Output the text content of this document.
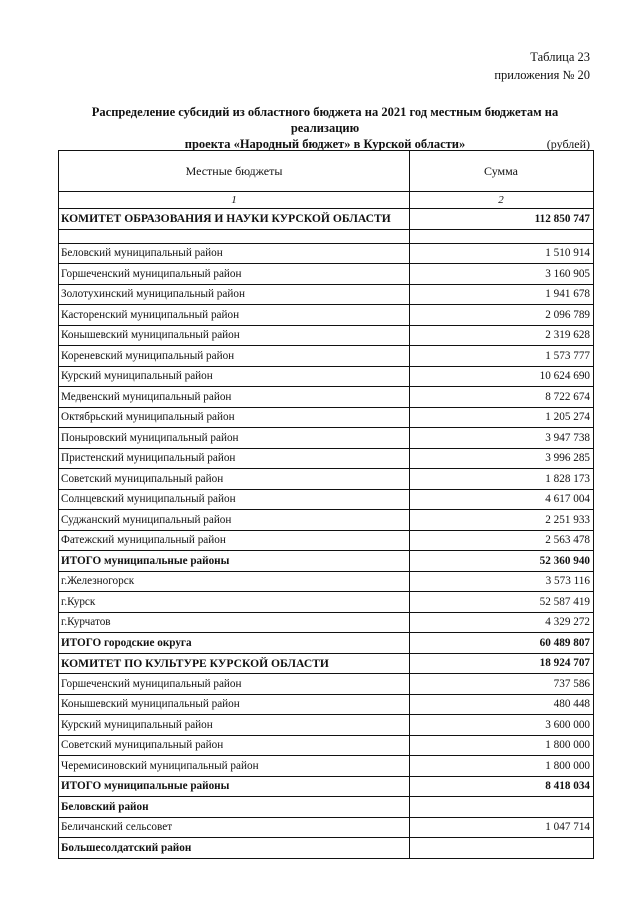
Таблица 23
приложения № 20
Распределение субсидий из областного бюджета на 2021 год местным бюджетам на реализацию
проекта «Народный бюджет» в Курской области»	(рублей)
Местные бюджеты	Сумма
1	2
КОМИТЕТ ОБРАЗОВАНИЯ И НАУКИ КУРСКОЙ ОБЛАСТИ	112 850 747

Беловский муниципальный район	1 510 914
Горшеченский муниципальный район	3 160 905
Золотухинский муниципальный район	1 941 678
Касторенский муниципальный район	2 096 789
Конышевский муниципальный район	2 319 628
Кореневский муниципальный район	1 573 777
Курский муниципальный район	10 624 690
Медвенский муниципальный район	8 722 674
Октябрьский муниципальный район	1 205 274
Поныровский муниципальный район	3 947 738
Пристенский муниципальный район	3 996 285
Советский муниципальный район	1 828 173
Солнцевский муниципальный район	4 617 004
Суджанский муниципальный район	2 251 933
Фатежский муниципальный район	2 563 478
ИТОГО муниципальные районы	52 360 940
г.Железногорск	3 573 116
г.Курск	52 587 419
г.Курчатов	4 329 272
ИТОГО городские округа	60 489 807
КОМИТЕТ ПО КУЛЬТУРЕ КУРСКОЙ ОБЛАСТИ	18 924 707
Горшеченский муниципальный район	737 586
Конышевский муниципальный район	480 448
Курский муниципальный район	3 600 000
Советский муниципальный район	1 800 000
Черемисиновский муниципальный район	1 800 000
ИТОГО муниципальные районы	8 418 034
Беловский район	
Беличанский сельсовет	1 047 714
Большесолдатский район	
